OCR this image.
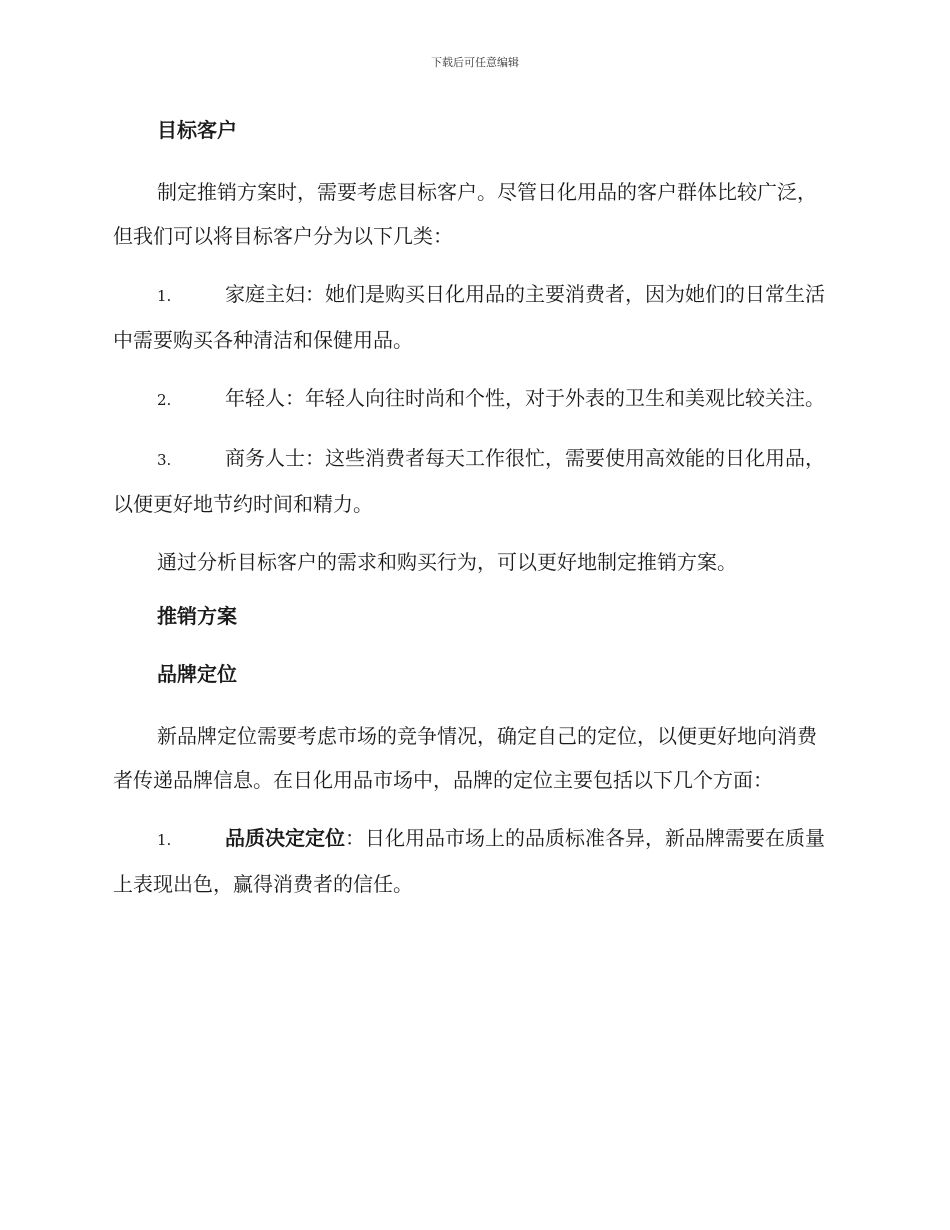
下载后可任意编辑
目标客户

制定推销方案时，需要考虑目标客户。尽管日化用品的客户群体比较广泛，但我们可以将目标客户分为以下几类：

1.	家庭主妇：她们是购买日化用品的主要消费者，因为她们的日常生活中需要购买各种清洁和保健用品。

2.	年轻人：年轻人向往时尚和个性，对于外表的卫生和美观比较关注。

3.	商务人士：这些消费者每天工作很忙，需要使用高效能的日化用品，以便更好地节约时间和精力。

通过分析目标客户的需求和购买行为，可以更好地制定推销方案。

推销方案
品牌定位

新品牌定位需要考虑市场的竞争情况，确定自己的定位，以便更好地向消费者传递品牌信息。在日化用品市场中，品牌的定位主要包括以下几个方面：

1.	品质决定定位：日化用品市场上的品质标准各异，新品牌需要在质量上表现出色，赢得消费者的信任。
